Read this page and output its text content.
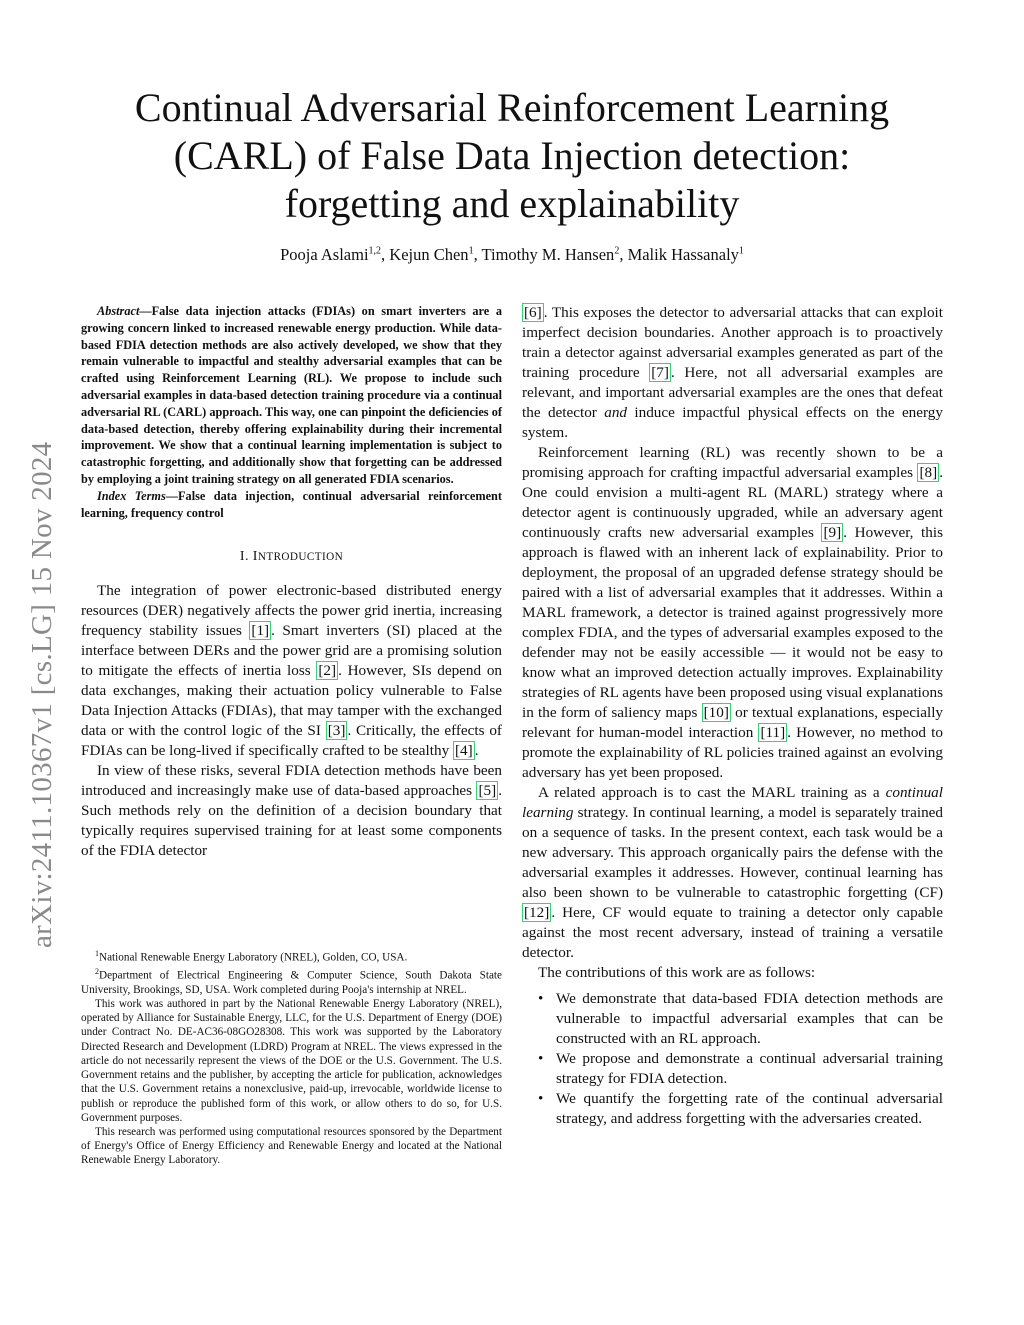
arXiv:2411.10367v1 [cs.LG] 15 Nov 2024
Continual Adversarial Reinforcement Learning
(CARL) of False Data Injection detection:
forgetting and explainability
Pooja Aslami$^{1,2}$, Kejun Chen$^1$, Timothy M. Hansen$^2$, Malik Hassanaly$^1$

Abstract—False data injection attacks (FDIAs) on smart inverters are a growing concern linked to increased renewable energy production. While data-based FDIA detection methods are also actively developed, we show that they remain vulnerable to impactful and stealthy adversarial examples that can be crafted using Reinforcement Learning (RL). We propose to include such adversarial examples in data-based detection training procedure via a continual adversarial RL (CARL) approach. This way, one can pinpoint the deficiencies of data-based detection, thereby offering explainability during their incremental improvement. We show that a continual learning implementation is subject to catastrophic forgetting, and additionally show that forgetting can be addressed by employing a joint training strategy on all generated FDIA scenarios.

Index Terms—False data injection, continual adversarial reinforcement learning, frequency control

I. INTRODUCTION

The integration of power electronic-based distributed energy resources (DER) negatively affects the power grid inertia, increasing frequency stability issues [1] . Smart inverters (SI) placed at the interface between DERs and the power grid are a promising solution to mitigate the effects of inertia loss [2] . However, SIs depend on data exchanges, making their actuation policy vulnerable to False Data Injection Attacks (FDIAs), that may tamper with the exchanged data or with the control logic of the SI [3] . Critically, the effects of FDIAs can be long-lived if specifically crafted to be stealthy [4] .

In view of these risks, several FDIA detection methods have been introduced and increasingly make use of data-based approaches [5] . Such methods rely on the definition of a decision boundary that typically requires supervised training for at least some components of the FDIA detector

$^1$National Renewable Energy Laboratory (NREL), Golden, CO, USA.

$^2$Department of Electrical Engineering & Computer Science, South Dakota State University, Brookings, SD, USA. Work completed during Pooja's internship at NREL.

This work was authored in part by the National Renewable Energy Laboratory (NREL), operated by Alliance for Sustainable Energy, LLC, for the U.S. Department of Energy (DOE) under Contract No. DE-AC36-08GO28308. This work was supported by the Laboratory Directed Research and Development (LDRD) Program at NREL. The views expressed in the article do not necessarily represent the views of the DOE or the U.S. Government. The U.S. Government retains and the publisher, by accepting the article for publication, acknowledges that the U.S. Government retains a nonexclusive, paid-up, irrevocable, worldwide license to publish or reproduce the published form of this work, or allow others to do so, for U.S. Government purposes.

This research was performed using computational resources sponsored by the Department of Energy's Office of Energy Efficiency and Renewable Energy and located at the National Renewable Energy Laboratory.

[6] . This exposes the detector to adversarial attacks that can exploit imperfect decision boundaries. Another approach is to proactively train a detector against adversarial examples generated as part of the training procedure [7] . Here, not all adversarial examples are relevant, and important adversarial examples are the ones that defeat the detector and induce impactful physical effects on the energy system.

Reinforcement learning (RL) was recently shown to be a promising approach for crafting impactful adversarial examples [8] . One could envision a multi-agent RL (MARL) strategy where a detector agent is continuously upgraded, while an adversary agent continuously crafts new adversarial examples [9] . However, this approach is flawed with an inherent lack of explainability. Prior to deployment, the proposal of an upgraded defense strategy should be paired with a list of adversarial examples that it addresses. Within a MARL framework, a detector is trained against progressively more complex FDIA, and the types of adversarial examples exposed to the defender may not be easily accessible — it would not be easy to know what an improved detection actually improves. Explainability strategies of RL agents have been proposed using visual explanations in the form of saliency maps [10] or textual explanations, especially relevant for human-model interaction [11] . However, no method to promote the explainability of RL policies trained against an evolving adversary has yet been proposed.

A related approach is to cast the MARL training as a continual learning strategy. In continual learning, a model is separately trained on a sequence of tasks. In the present context, each task would be a new adversary. This approach organically pairs the defense with the adversarial examples it addresses. However, continual learning has also been shown to be vulnerable to catastrophic forgetting (CF) [12] . Here, CF would equate to training a detector only capable against the most recent adversary, instead of training a versatile detector.

The contributions of this work are as follows:

• We demonstrate that data-based FDIA detection methods are vulnerable to impactful adversarial examples that can be constructed with an RL approach.
• We propose and demonstrate a continual adversarial training strategy for FDIA detection.
• We quantify the forgetting rate of the continual adversarial strategy, and address forgetting with the adversaries created.
